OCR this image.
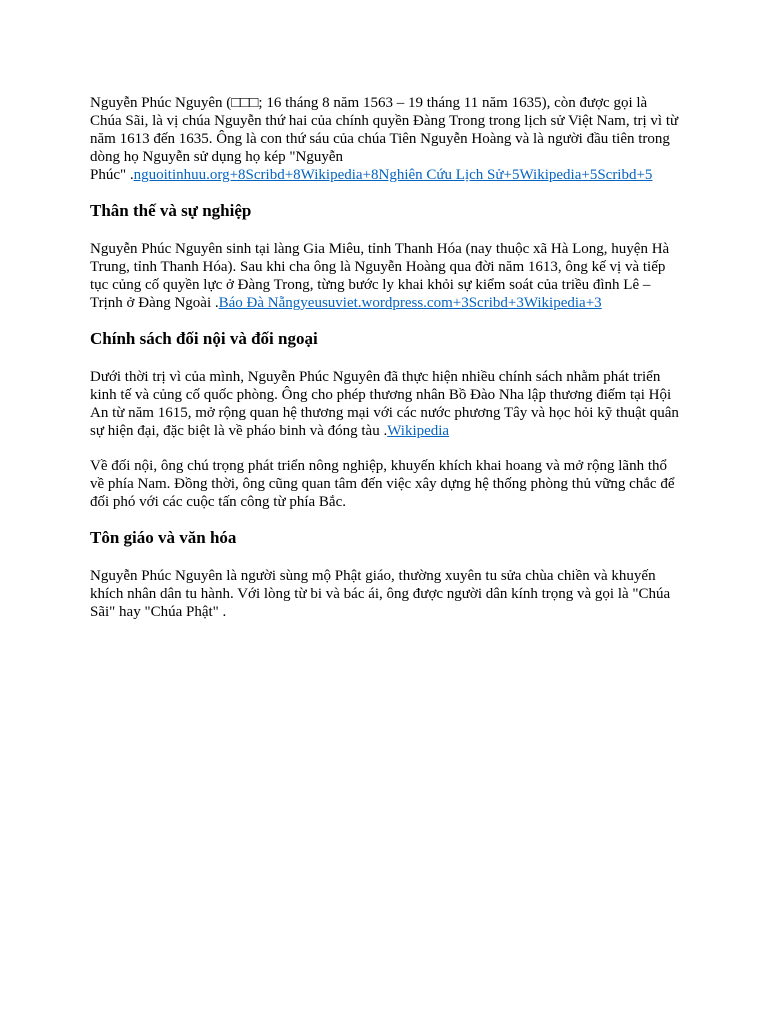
Nguyễn Phúc Nguyên (□□□; 16 tháng 8 năm 1563 – 19 tháng 11 năm 1635), còn được gọi là Chúa Sãi, là vị chúa Nguyễn thứ hai của chính quyền Đàng Trong trong lịch sử Việt Nam, trị vì từ năm 1613 đến 1635. Ông là con thứ sáu của chúa Tiên Nguyễn Hoàng và là người đầu tiên trong dòng họ Nguyễn sử dụng họ kép "Nguyễn Phúc" .nguoitinhuu.org+8Scribd+8Wikipedia+8Nghiên Cứu Lịch Sử+5Wikipedia+5Scribd+5

Thân thế và sự nghiệp

Nguyễn Phúc Nguyên sinh tại làng Gia Miêu, tỉnh Thanh Hóa (nay thuộc xã Hà Long, huyện Hà Trung, tỉnh Thanh Hóa). Sau khi cha ông là Nguyễn Hoàng qua đời năm 1613, ông kế vị và tiếp tục củng cố quyền lực ở Đàng Trong, từng bước ly khai khỏi sự kiểm soát của triều đình Lê – Trịnh ở Đàng Ngoài .Báo Đà Nẵngyeusuviet.wordpress.com+3Scribd+3Wikipedia+3

Chính sách đối nội và đối ngoại

Dưới thời trị vì của mình, Nguyễn Phúc Nguyên đã thực hiện nhiều chính sách nhằm phát triển kinh tế và củng cố quốc phòng. Ông cho phép thương nhân Bồ Đào Nha lập thương điếm tại Hội An từ năm 1615, mở rộng quan hệ thương mại với các nước phương Tây và học hỏi kỹ thuật quân sự hiện đại, đặc biệt là về pháo binh và đóng tàu .Wikipedia

Về đối nội, ông chú trọng phát triển nông nghiệp, khuyến khích khai hoang và mở rộng lãnh thổ về phía Nam. Đồng thời, ông cũng quan tâm đến việc xây dựng hệ thống phòng thủ vững chắc để đối phó với các cuộc tấn công từ phía Bắc.

Tôn giáo và văn hóa

Nguyễn Phúc Nguyên là người sùng mộ Phật giáo, thường xuyên tu sửa chùa chiền và khuyến khích nhân dân tu hành. Với lòng từ bi và bác ái, ông được người dân kính trọng và gọi là "Chúa Sãi" hay "Chúa Phật" .
